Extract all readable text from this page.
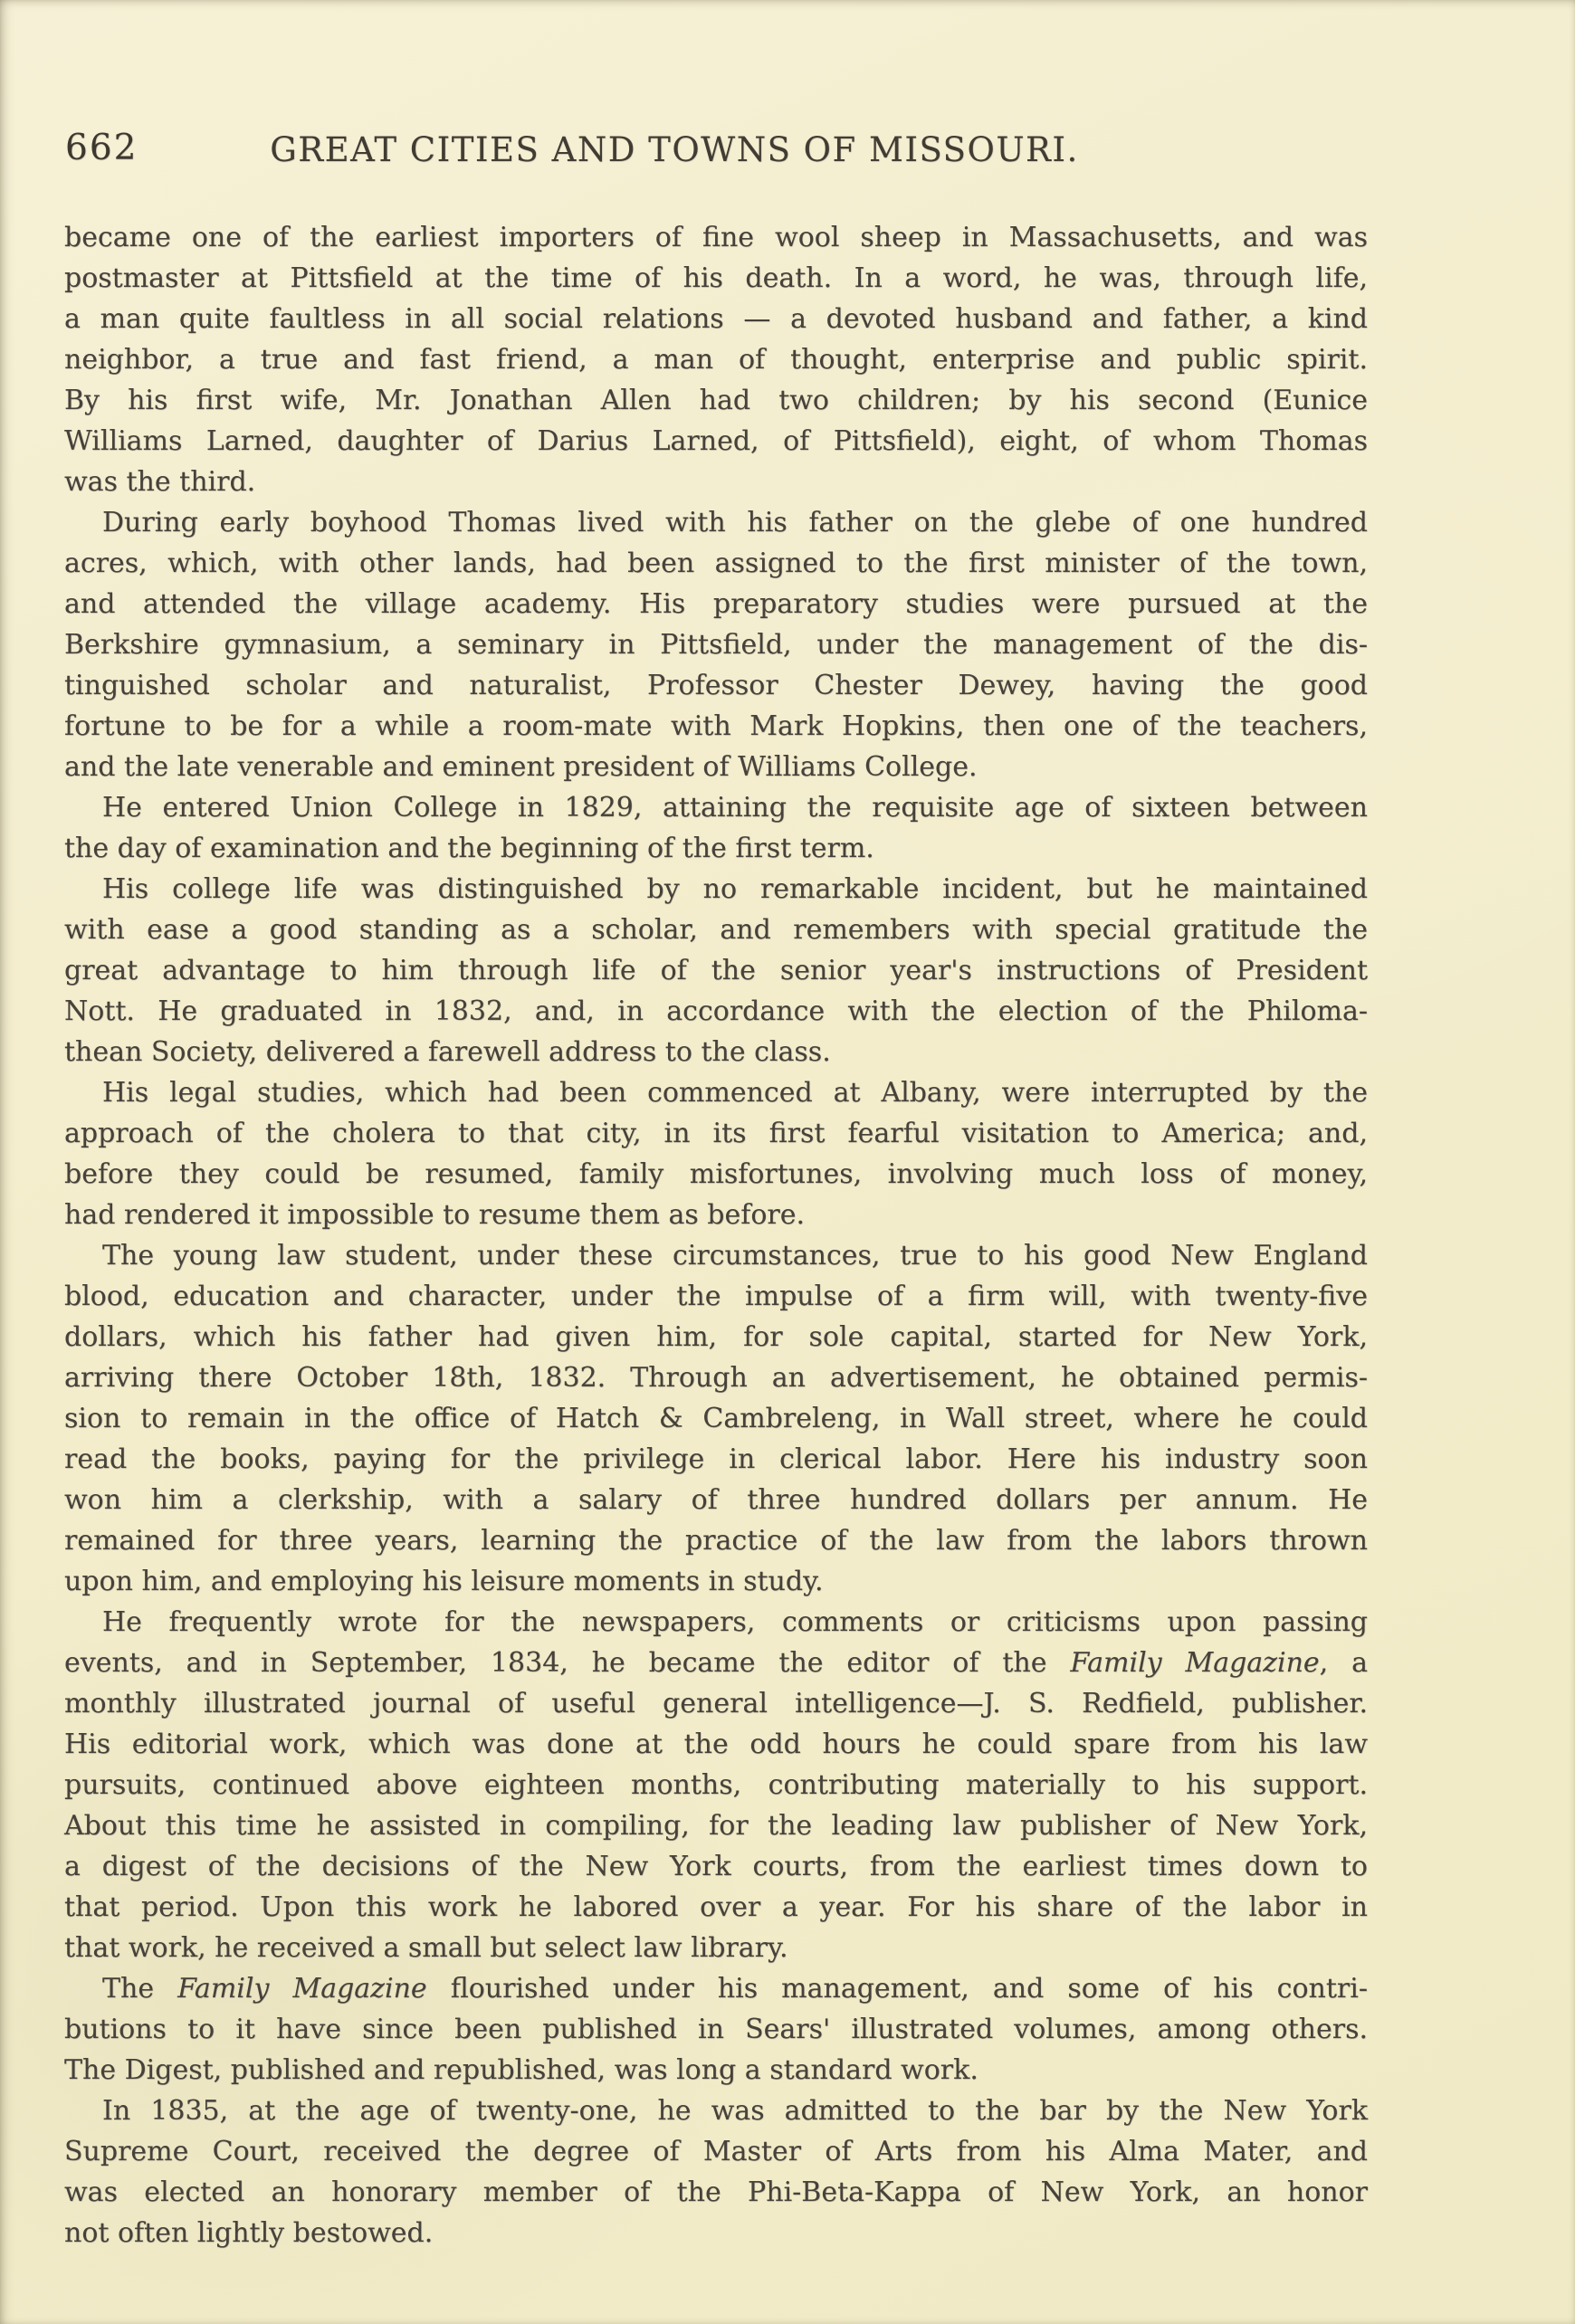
662	GREAT CITIES AND TOWNS OF MISSOURI.
became one of the earliest importers of fine wool sheep in Massachusetts, and was
postmaster at Pittsfield at the time of his death. In a word, he was, through life,
a man quite faultless in all social relations — a devoted husband and father, a kind
neighbor, a true and fast friend, a man of thought, enterprise and public spirit.
By his first wife, Mr. Jonathan Allen had two children; by his second (Eunice
Williams Larned, daughter of Darius Larned, of Pittsfield), eight, of whom Thomas
was the third.
During early boyhood Thomas lived with his father on the glebe of one hundred
acres, which, with other lands, had been assigned to the first minister of the town,
and attended the village academy. His preparatory studies were pursued at the
Berkshire gymnasium, a seminary in Pittsfield, under the management of the dis-
tinguished scholar and naturalist, Professor Chester Dewey, having the good
fortune to be for a while a room-mate with Mark Hopkins, then one of the teachers,
and the late venerable and eminent president of Williams College.
He entered Union College in 1829, attaining the requisite age of sixteen between
the day of examination and the beginning of the first term.
His college life was distinguished by no remarkable incident, but he maintained
with ease a good standing as a scholar, and remembers with special gratitude the
great advantage to him through life of the senior year's instructions of President
Nott. He graduated in 1832, and, in accordance with the election of the Philoma-
thean Society, delivered a farewell address to the class.
His legal studies, which had been commenced at Albany, were interrupted by the
approach of the cholera to that city, in its first fearful visitation to America; and,
before they could be resumed, family misfortunes, involving much loss of money,
had rendered it impossible to resume them as before.
The young law student, under these circumstances, true to his good New England
blood, education and character, under the impulse of a firm will, with twenty-five
dollars, which his father had given him, for sole capital, started for New York,
arriving there October 18th, 1832. Through an advertisement, he obtained permis-
sion to remain in the office of Hatch & Cambreleng, in Wall street, where he could
read the books, paying for the privilege in clerical labor. Here his industry soon
won him a clerkship, with a salary of three hundred dollars per annum. He
remained for three years, learning the practice of the law from the labors thrown
upon him, and employing his leisure moments in study.
He frequently wrote for the newspapers, comments or criticisms upon passing
events, and in September, 1834, he became the editor of the Family Magazine, a
monthly illustrated journal of useful general intelligence—J. S. Redfield, publisher.
His editorial work, which was done at the odd hours he could spare from his law
pursuits, continued above eighteen months, contributing materially to his support.
About this time he assisted in compiling, for the leading law publisher of New York,
a digest of the decisions of the New York courts, from the earliest times down to
that period. Upon this work he labored over a year. For his share of the labor in
that work, he received a small but select law library.
The Family Magazine flourished under his management, and some of his contri-
butions to it have since been published in Sears' illustrated volumes, among others.
The Digest, published and republished, was long a standard work.
In 1835, at the age of twenty-one, he was admitted to the bar by the New York
Supreme Court, received the degree of Master of Arts from his Alma Mater, and
was elected an honorary member of the Phi-Beta-Kappa of New York, an honor
not often lightly bestowed.
